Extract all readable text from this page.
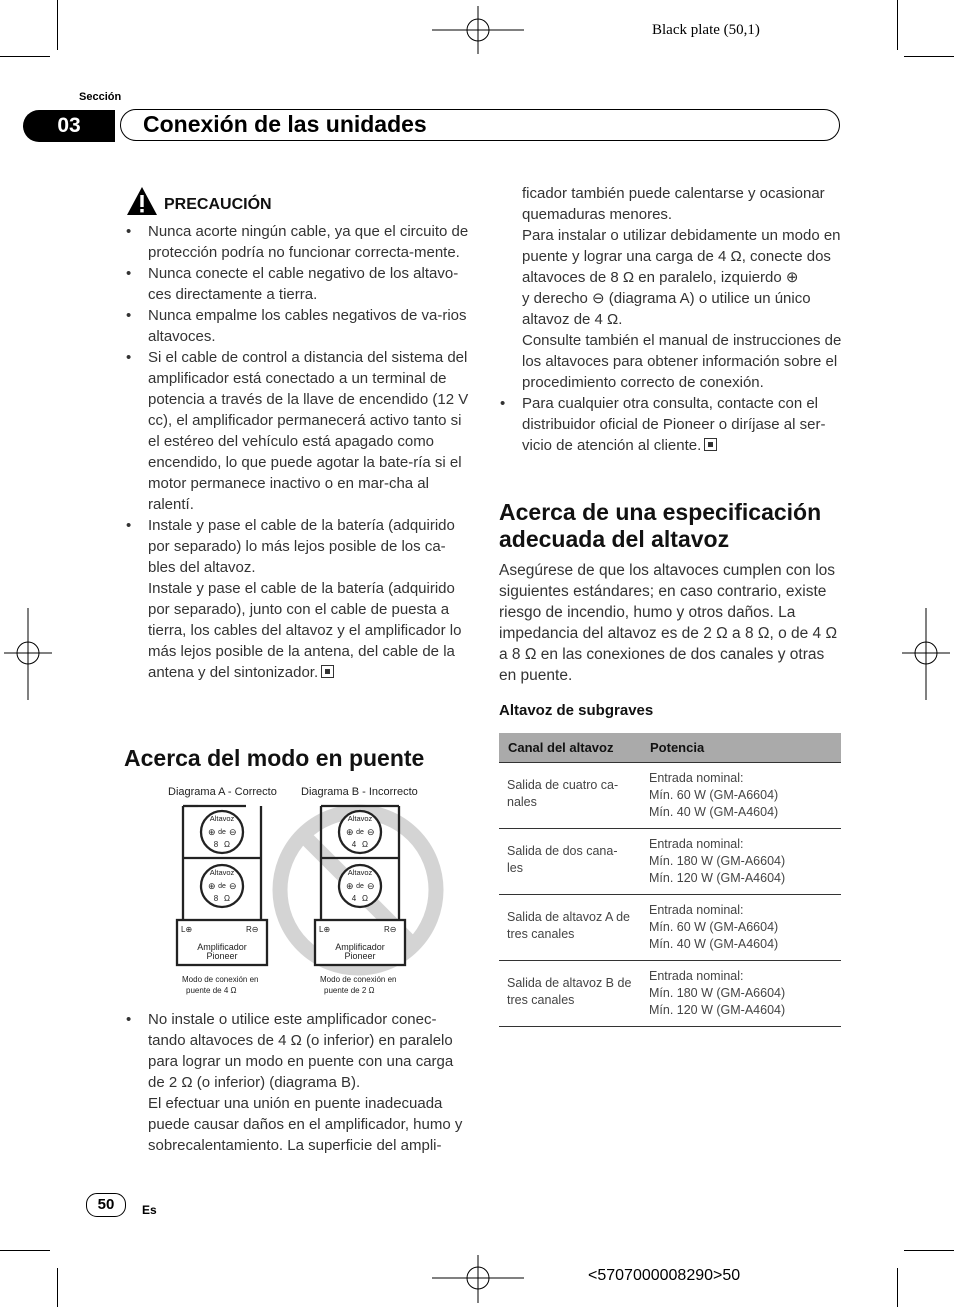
Black plate (50,1)
Sección
03	Conexión de las unidades
PRECAUCIÓN
• Nunca acorte ningún cable, ya que el circuito de protección podría no funcionar correcta-mente.
• Nunca conecte el cable negativo de los altavo-ces directamente a tierra.
• Nunca empalme los cables negativos de va-rios altavoces.
• Si el cable de control a distancia del sistema del amplificador está conectado a un terminal de potencia a través de la llave de encendido (12 V cc), el amplificador permanecerá activo tanto si el estéreo del vehículo está apagado como encendido, lo que puede agotar la bate-ría si el motor permanece inactivo o en mar-cha al ralentí.
• Instale y pase el cable de la batería (adquirido por separado) lo más lejos posible de los ca-bles del altavoz.
Instale y pase el cable de la batería (adquirido por separado), junto con el cable de puesta a tierra, los cables del altavoz y el amplificador lo más lejos posible de la antena, del cable de la antena y del sintonizador.
Acerca del modo en puente
Diagrama A - Correcto
Altavoz
⊕ de ⊖
8 Ω
Altavoz
⊕ de ⊖
8 Ω
L⊕	R⊖
Amplificador
Pioneer
Modo de conexión en
puente de 4 Ω
Diagrama B - Incorrecto
Altavoz
⊕ de ⊖
4 Ω
Altavoz
⊕ de ⊖
4 Ω
L⊕	R⊖
Amplificador
Pioneer
Modo de conexión en
puente de 2 Ω
• No instale o utilice este amplificador conec-tando altavoces de 4 Ω (o inferior) en paralelo para lograr un modo en puente con una carga de 2 Ω (o inferior) (diagrama B).
El efectuar una unión en puente inadecuada puede causar daños en el amplificador, humo y sobrecalentamiento. La superficie del ampli-
ficador también puede calentarse y ocasionar quemaduras menores.
Para instalar o utilizar debidamente un modo en puente y lograr una carga de 4 Ω, conecte dos altavoces de 8 Ω en paralelo, izquierdo ⊕
y derecho ⊖ (diagrama A) o utilice un único altavoz de 4 Ω.
Consulte también el manual de instrucciones de los altavoces para obtener información sobre el procedimiento correcto de conexión.
• Para cualquier otra consulta, contacte con el distribuidor oficial de Pioneer o diríjase al ser-vicio de atención al cliente.
Acerca de una especificación adecuada del altavoz
Asegúrese de que los altavoces cumplen con los siguientes estándares; en caso contrario, existe riesgo de incendio, humo y otros daños. La impedancia del altavoz es de 2 Ω a 8 Ω, o de 4 Ω a 8 Ω en las conexiones de dos canales y otras en puente.
Altavoz de subgraves
Canal del altavoz	Potencia
Salida de cuatro ca-nales	Entrada nominal:
Mín. 60 W (GM-A6604)
Mín. 40 W (GM-A4604)
Salida de dos cana-les	Entrada nominal:
Mín. 180 W (GM-A6604)
Mín. 120 W (GM-A4604)
Salida de altavoz A de tres canales	Entrada nominal:
Mín. 60 W (GM-A6604)
Mín. 40 W (GM-A4604)
Salida de altavoz B de tres canales	Entrada nominal:
Mín. 180 W (GM-A6604)
Mín. 120 W (GM-A4604)
50	Es
<5707000008290>50
